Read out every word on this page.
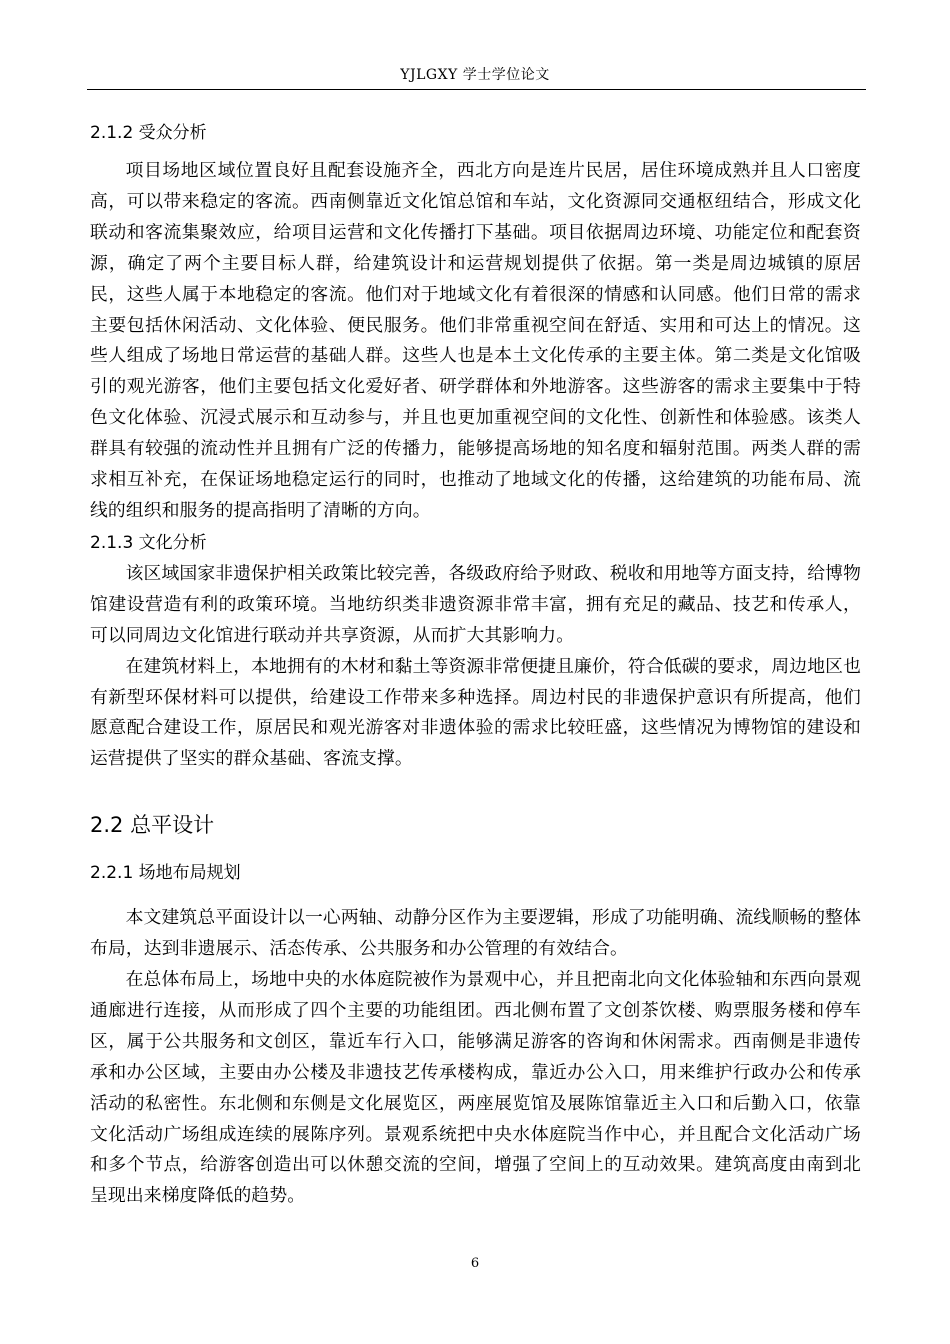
YJLGXY 学士学位论文
2.1.2 受众分析

项目场地区域位置良好且配套设施齐全，西北方向是连片民居，居住环境成熟并且人口密度高，可以带来稳定的客流。西南侧靠近文化馆总馆和车站，文化资源同交通枢纽结合，形成文化联动和客流集聚效应，给项目运营和文化传播打下基础。项目依据周边环境、功能定位和配套资源，确定了两个主要目标人群，给建筑设计和运营规划提供了依据。第一类是周边城镇的原居民，这些人属于本地稳定的客流。他们对于地域文化有着很深的情感和认同感。他们日常的需求主要包括休闲活动、文化体验、便民服务。他们非常重视空间在舒适、实用和可达上的情况。这些人组成了场地日常运营的基础人群。这些人也是本土文化传承的主要主体。第二类是文化馆吸引的观光游客，他们主要包括文化爱好者、研学群体和外地游客。这些游客的需求主要集中于特色文化体验、沉浸式展示和互动参与，并且也更加重视空间的文化性、创新性和体验感。该类人群具有较强的流动性并且拥有广泛的传播力，能够提高场地的知名度和辐射范围。两类人群的需求相互补充，在保证场地稳定运行的同时，也推动了地域文化的传播，这给建筑的功能布局、流线的组织和服务的提高指明了清晰的方向。

2.1.3 文化分析

该区域国家非遗保护相关政策比较完善，各级政府给予财政、税收和用地等方面支持，给博物馆建设营造有利的政策环境。当地纺织类非遗资源非常丰富，拥有充足的藏品、技艺和传承人，可以同周边文化馆进行联动并共享资源，从而扩大其影响力。

在建筑材料上，本地拥有的木材和黏土等资源非常便捷且廉价，符合低碳的要求，周边地区也有新型环保材料可以提供，给建设工作带来多种选择。周边村民的非遗保护意识有所提高，他们愿意配合建设工作，原居民和观光游客对非遗体验的需求比较旺盛，这些情况为博物馆的建设和运营提供了坚实的群众基础、客流支撑。

2.2 总平设计
2.2.1 场地布局规划

本文建筑总平面设计以一心两轴、动静分区作为主要逻辑，形成了功能明确、流线顺畅的整体布局，达到非遗展示、活态传承、公共服务和办公管理的有效结合。

在总体布局上，场地中央的水体庭院被作为景观中心，并且把南北向文化体验轴和东西向景观通廊进行连接，从而形成了四个主要的功能组团。西北侧布置了文创茶饮楼、购票服务楼和停车区，属于公共服务和文创区，靠近车行入口，能够满足游客的咨询和休闲需求。西南侧是非遗传承和办公区域，主要由办公楼及非遗技艺传承楼构成，靠近办公入口，用来维护行政办公和传承活动的私密性。东北侧和东侧是文化展览区，两座展览馆及展陈馆靠近主入口和后勤入口，依靠文化活动广场组成连续的展陈序列。景观系统把中央水体庭院当作中心，并且配合文化活动广场和多个节点，给游客创造出可以休憩交流的空间，增强了空间上的互动效果。建筑高度由南到北呈现出来梯度降低的趋势。

6
